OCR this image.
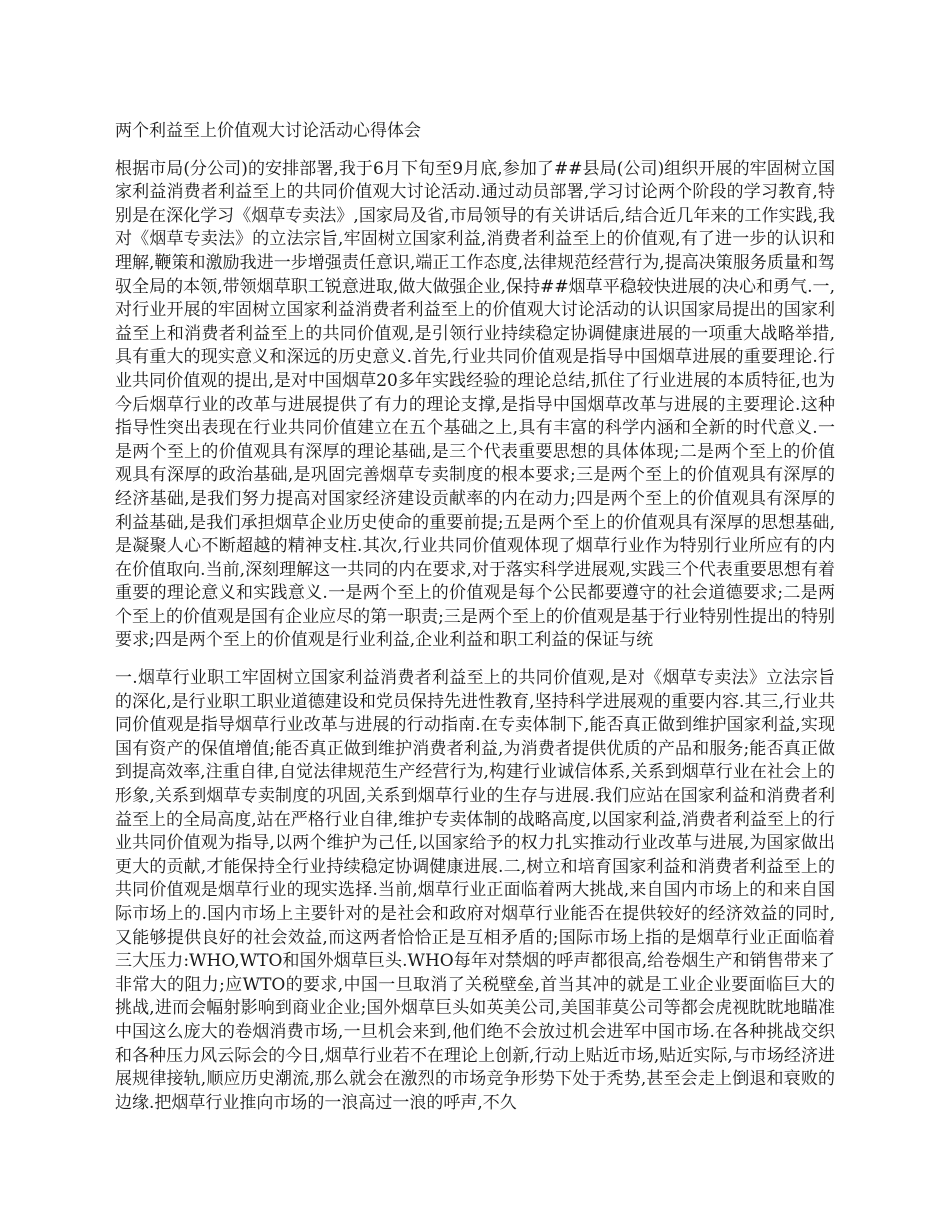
两个利益至上价值观大讨论活动心得体会

根据市局(分公司)的安排部署,我于6月下旬至9月底,参加了##县局(公司)组织开展的牢固树立国家利益消费者利益至上的共同价值观大讨论活动.通过动员部署,学习讨论两个阶段的学习教育,特别是在深化学习《烟草专卖法》,国家局及省,市局领导的有关讲话后,结合近几年来的工作实践,我对《烟草专卖法》的立法宗旨,牢固树立国家利益,消费者利益至上的价值观,有了进一步的认识和理解,鞭策和激励我进一步增强责任意识,端正工作态度,法律规范经营行为,提高决策服务质量和驾驭全局的本领,带领烟草职工锐意进取,做大做强企业,保持##烟草平稳较快进展的决心和勇气.一,对行业开展的牢固树立国家利益消费者利益至上的价值观大讨论活动的认识国家局提出的国家利益至上和消费者利益至上的共同价值观,是引领行业持续稳定协调健康进展的一项重大战略举措,具有重大的现实意义和深远的历史意义.首先,行业共同价值观是指导中国烟草进展的重要理论.行业共同价值观的提出,是对中国烟草20多年实践经验的理论总结,抓住了行业进展的本质特征,也为今后烟草行业的改革与进展提供了有力的理论支撑,是指导中国烟草改革与进展的主要理论.这种指导性突出表现在行业共同价值建立在五个基础之上,具有丰富的科学内涵和全新的时代意义.一是两个至上的价值观具有深厚的理论基础,是三个代表重要思想的具体体现;二是两个至上的价值观具有深厚的政治基础,是巩固完善烟草专卖制度的根本要求;三是两个至上的价值观具有深厚的经济基础,是我们努力提高对国家经济建设贡献率的内在动力;四是两个至上的价值观具有深厚的利益基础,是我们承担烟草企业历史使命的重要前提;五是两个至上的价值观具有深厚的思想基础,是凝聚人心不断超越的精神支柱.其次,行业共同价值观体现了烟草行业作为特别行业所应有的内在价值取向.当前,深刻理解这一共同的内在要求,对于落实科学进展观,实践三个代表重要思想有着重要的理论意义和实践意义.一是两个至上的价值观是每个公民都要遵守的社会道德要求;二是两个至上的价值观是国有企业应尽的第一职责;三是两个至上的价值观是基于行业特别性提出的特别要求;四是两个至上的价值观是行业利益,企业利益和职工利益的保证与统

一.烟草行业职工牢固树立国家利益消费者利益至上的共同价值观,是对《烟草专卖法》立法宗旨的深化,是行业职工职业道德建设和党员保持先进性教育,坚持科学进展观的重要内容.其三,行业共同价值观是指导烟草行业改革与进展的行动指南.在专卖体制下,能否真正做到维护国家利益,实现国有资产的保值增值;能否真正做到维护消费者利益,为消费者提供优质的产品和服务;能否真正做到提高效率,注重自律,自觉法律规范生产经营行为,构建行业诚信体系,关系到烟草行业在社会上的形象,关系到烟草专卖制度的巩固,关系到烟草行业的生存与进展.我们应站在国家利益和消费者利益至上的全局高度,站在严格行业自律,维护专卖体制的战略高度,以国家利益,消费者利益至上的行业共同价值观为指导,以两个维护为己任,以国家给予的权力扎实推动行业改革与进展,为国家做出更大的贡献,才能保持全行业持续稳定协调健康进展.二,树立和培育国家利益和消费者利益至上的共同价值观是烟草行业的现实选择.当前,烟草行业正面临着两大挑战,来自国内市场上的和来自国际市场上的.国内市场上主要针对的是社会和政府对烟草行业能否在提供较好的经济效益的同时,又能够提供良好的社会效益,而这两者恰恰正是互相矛盾的;国际市场上指的是烟草行业正面临着三大压力:WHO,WTO和国外烟草巨头.WHO每年对禁烟的呼声都很高,给卷烟生产和销售带来了非常大的阻力;应WTO的要求,中国一旦取消了关税壁垒,首当其冲的就是工业企业要面临巨大的挑战,进而会幅射影响到商业企业;国外烟草巨头如英美公司,美国菲莫公司等都会虎视眈眈地瞄准中国这么庞大的卷烟消费市场,一旦机会来到,他们绝不会放过机会进军中国市场.在各种挑战交织和各种压力风云际会的今日,烟草行业若不在理论上创新,行动上贴近市场,贴近实际,与市场经济进展规律接轨,顺应历史潮流,那么就会在激烈的市场竞争形势下处于秃势,甚至会走上倒退和衰败的边缘.把烟草行业推向市场的一浪高过一浪的呼声,不久
